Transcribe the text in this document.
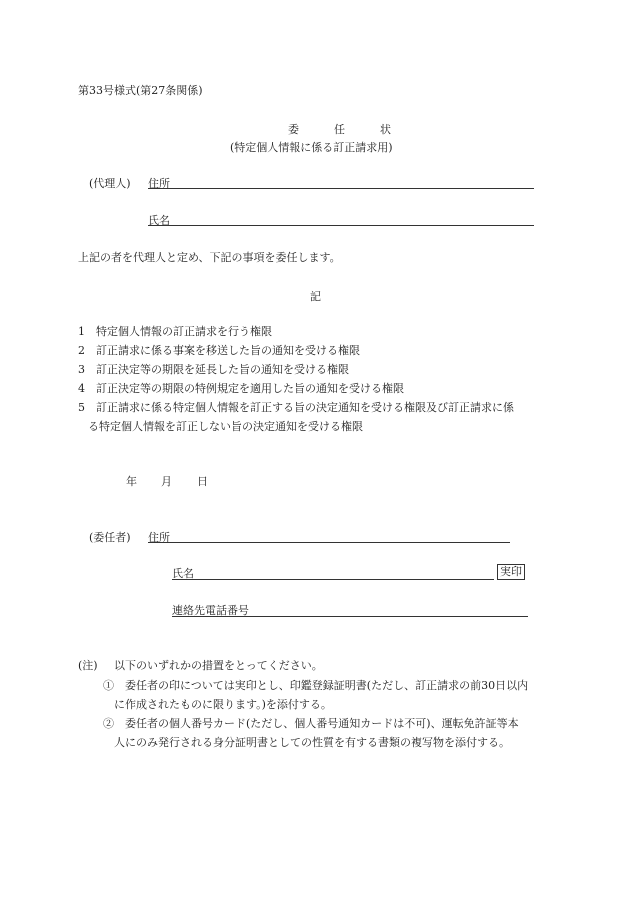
第33号様式(第27条関係)
委　任　状
(特定個人情報に係る訂正請求用)
(代理人) 住所
氏名
上記の者を代理人と定め、下記の事項を委任します。
記
1　特定個人情報の訂正請求を行う権限
2　訂正請求に係る事案を移送した旨の通知を受ける権限
3　訂正決定等の期限を延長した旨の通知を受ける権限
4　訂正決定等の期限の特例規定を適用した旨の通知を受ける権限
5　訂正請求に係る特定個人情報を訂正する旨の決定通知を受ける権限及び訂正請求に係
る特定個人情報を訂正しない旨の決定通知を受ける権限
年 月 日
(委任者) 住所
氏名	実印
連絡先電話番号
(注) 以下のいずれかの措置をとってください。
①　委任者の印については実印とし、印鑑登録証明書(ただし、訂正請求の前30日以内
に作成されたものに限ります。)を添付する。
②　委任者の個人番号カード(ただし、個人番号通知カードは不可)、運転免許証等本
人にのみ発行される身分証明書としての性質を有する書類の複写物を添付する。
